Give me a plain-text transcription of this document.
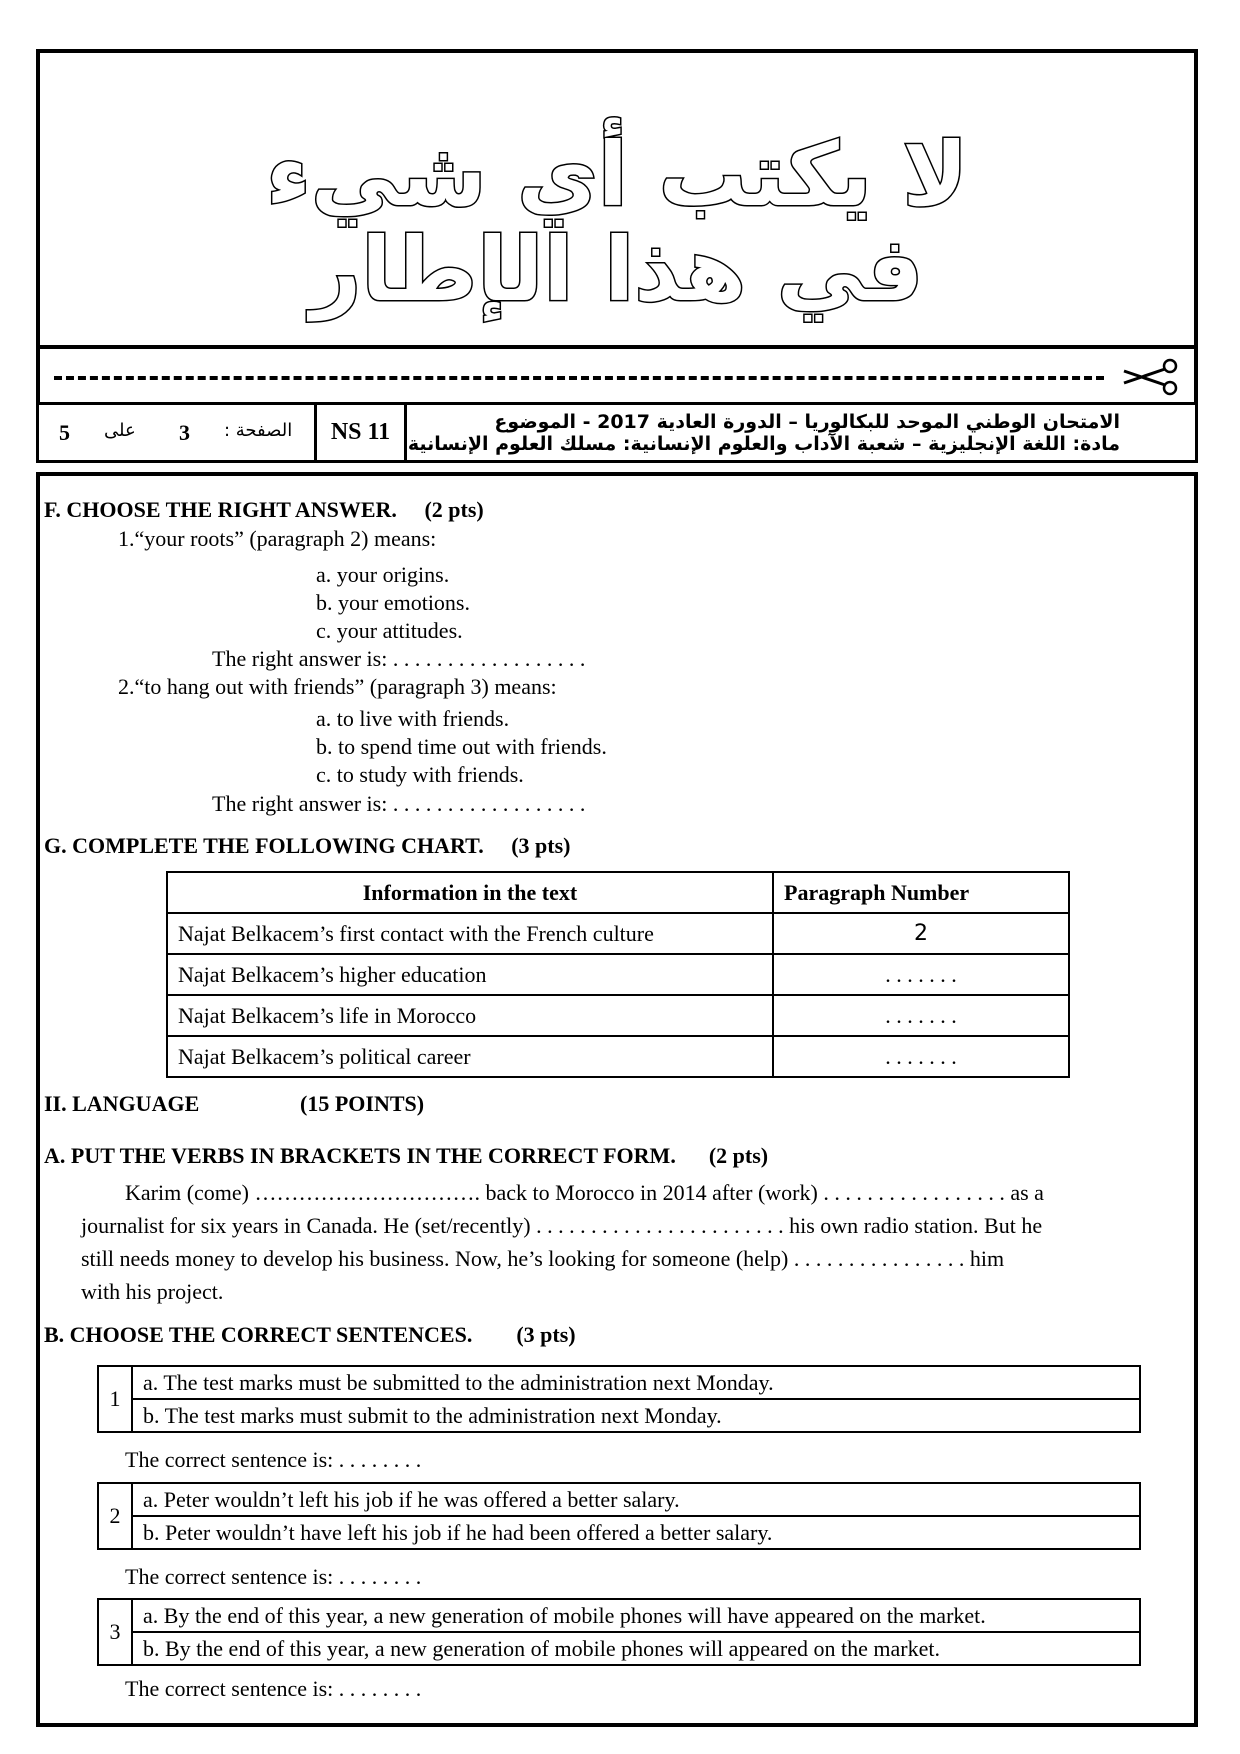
لا يكتب أي شيء
في هذا الإطار
5 على 3 الصفحة :	NS 11	الامتحان الوطني الموحد للبكالوريا – الدورة العادية 2017 - الموضوع
مادة: اللغة الإنجليزية – شعبة الآداب والعلوم الإنسانية: مسلك العلوم الإنسانية
F. CHOOSE THE RIGHT ANSWER. (2 pts)
1.“your roots” (paragraph 2) means:
a. your origins.
b. your emotions.
c. your attitudes.
The right answer is: . . . . . . . . . . . . . . . . . .
2.“to hang out with friends” (paragraph 3) means:
a. to live with friends.
b. to spend time out with friends.
c. to study with friends.
The right answer is: . . . . . . . . . . . . . . . . . .
G. COMPLETE THE FOLLOWING CHART. (3 pts)
Information in the text	Paragraph Number
Najat Belkacem’s first contact with the French culture	2
Najat Belkacem’s higher education	. . . . . . .
Najat Belkacem’s life in Morocco	. . . . . . .
Najat Belkacem’s political career	. . . . . . .
II. LANGUAGE	(15 POINTS)
A. PUT THE VERBS IN BRACKETS IN THE CORRECT FORM. (2 pts)
Karim (come) …………………………. back to Morocco in 2014 after (work) . . . . . . . . . . . . . . . . . as a
journalist for six years in Canada. He (set/recently) . . . . . . . . . . . . . . . . . . . . . . . his own radio station. But he
still needs money to develop his business. Now, he’s looking for someone (help) . . . . . . . . . . . . . . . . him
with his project.
B. CHOOSE THE CORRECT SENTENCES. (3 pts)
1	a. The test marks must be submitted to the administration next Monday.
b. The test marks must submit to the administration next Monday.
The correct sentence is: . . . . . . . .
2	a. Peter wouldn’t left his job if he was offered a better salary.
b. Peter wouldn’t have left his job if he had been offered a better salary.
The correct sentence is: . . . . . . . .
3	a. By the end of this year, a new generation of mobile phones will have appeared on the market.
b. By the end of this year, a new generation of mobile phones will appeared on the market.
The correct sentence is: . . . . . . . .
